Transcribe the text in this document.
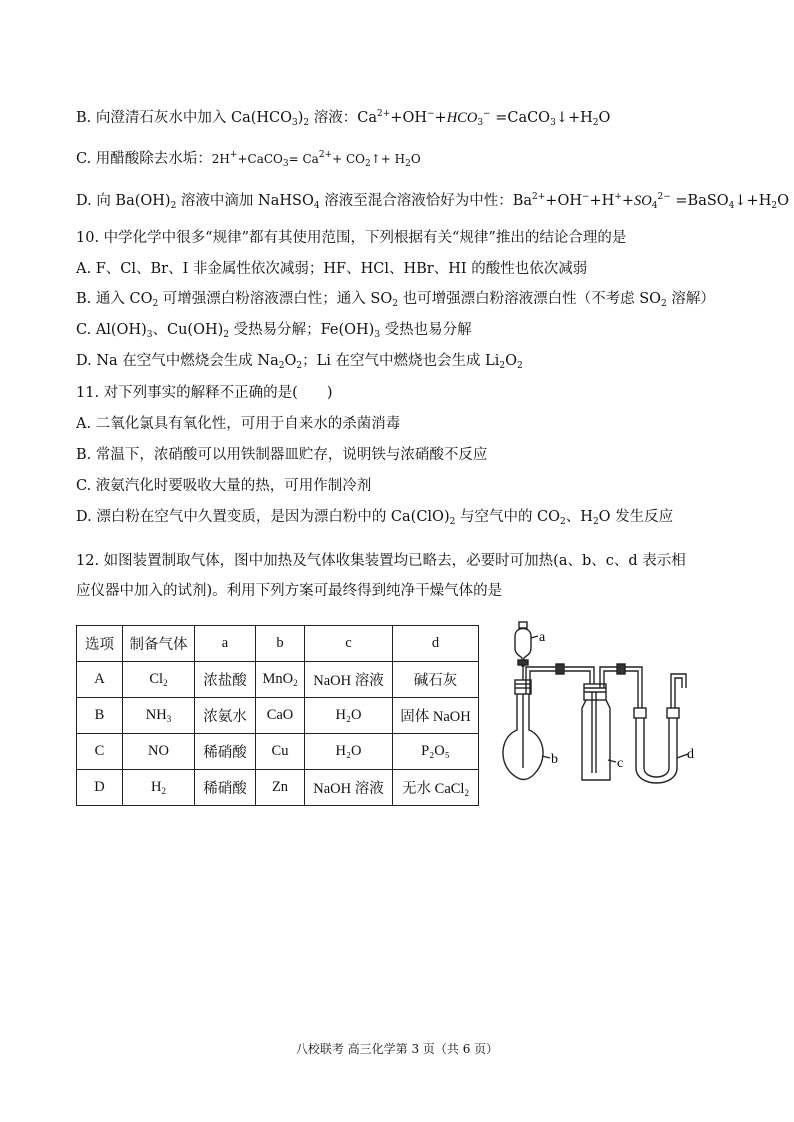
B. 向澄清石灰水中加入 $Ca(HCO_3)_2$ 溶液：$Ca^{2+}+OH^-+HCO_3^-$ $=CaCO_3↓+H_2O$
C. 用醋酸除去水垢：2H++CaCO$_3$= $Ca^{2+}+$ $CO_2↑+ H_2O$
D. 向 $Ba(OH)_2$ 溶液中滴加 NaHSO$_4$ 溶液至混合溶液恰好为中性：$Ba^{2+}+OH^-+H^++SO_4^{2-}$ $=BaSO_4↓+H_2O$
10. 中学化学中很多“规律”都有其使用范围，下列根据有关“规律”推出的结论合理的是
A. F、Cl、Br、I 非金属性依次减弱；HF、HCl、HBr、HI 的酸性也依次减弱
B. 通入 $CO_2$ 可增强漂白粉溶液漂白性；通入 $SO_2$ 也可增强漂白粉溶液漂白性（不考虑 $SO_2$ 溶解）
C. $Al(OH)_3$、$Cu(OH)_2$ 受热易分解；$Fe(OH)_3$ 受热也易分解
D. Na 在空气中燃烧会生成 $Na_2O_2$；Li 在空气中燃烧也会生成 $Li_2O_2$
11. 对下列事实的解释不正确的是(　　)
A. 二氧化氯具有氧化性，可用于自来水的杀菌消毒
B. 常温下，浓硝酸可以用铁制器皿贮存，说明铁与浓硝酸不反应
C. 液氨汽化时要吸收大量的热，可用作制冷剂
D. 漂白粉在空气中久置变质，是因为漂白粉中的 $Ca(ClO)_2$ 与空气中的 $CO_2$、$H_2O$ 发生反应
12. 如图装置制取气体，图中加热及气体收集装置均已略去，必要时可加热(a、b、c、d 表示相
应仪器中加入的试剂)。利用下列方案可最终得到纯净干燥气体的是
选项	制备气体	a	b	c	d
A	$Cl_2$	浓盐酸	MnO$_2$	NaOH 溶液	碱石灰
B	$NH_3$	浓氨水	CaO	H₂O	固体 NaOH
C	NO	稀硝酸	Cu	H₂O	P₂O₅
D	$H_2$	稀硝酸	Zn	NaOH 溶液	无水 CaCl$_2$
a
b	c
d
八校联考 高三化学第 3 页（共 6 页）
